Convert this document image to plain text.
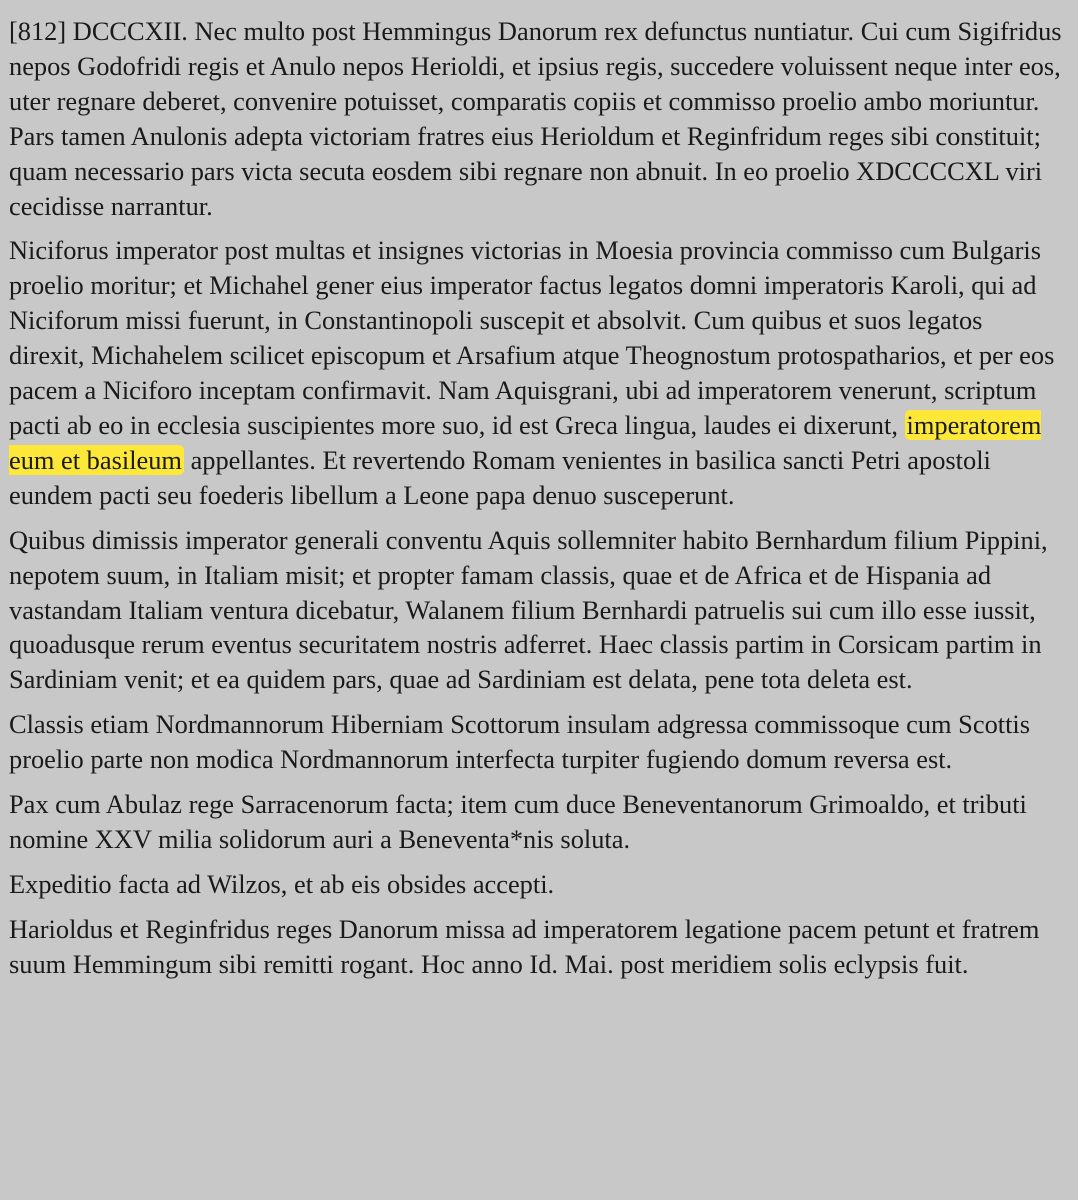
[812] DCCCXII. Nec multo post Hemmingus Danorum rex defunctus nuntiatur. Cui cum Sigifridus nepos Godofridi regis et Anulo nepos Herioldi, et ipsius regis, succedere voluissent neque inter eos, uter regnare deberet, convenire potuisset, comparatis copiis et commisso proelio ambo moriuntur. Pars tamen Anulonis adepta victoriam fratres eius Herioldum et Reginfridum reges sibi constituit; quam necessario pars victa secuta eosdem sibi regnare non abnuit. In eo proelio XDCCCCXL viri cecidisse narrantur.

Niciforus imperator post multas et insignes victorias in Moesia provincia commisso cum Bulgaris proelio moritur; et Michahel gener eius imperator factus legatos domni imperatoris Karoli, qui ad Niciforum missi fuerunt, in Constantinopoli suscepit et absolvit. Cum quibus et suos legatos direxit, Michahelem scilicet episcopum et Arsafium atque Theognostum protospatharios, et per eos pacem a Niciforo inceptam confirmavit. Nam Aquisgrani, ubi ad imperatorem venerunt, scriptum pacti ab eo in ecclesia suscipientes more suo, id est Greca lingua, laudes ei dixerunt, imperatorem eum et basileum appellantes. Et revertendo Romam venientes in basilica sancti Petri apostoli eundem pacti seu foederis libellum a Leone papa denuo susceperunt.

Quibus dimissis imperator generali conventu Aquis sollemniter habito Bernhardum filium Pippini, nepotem suum, in Italiam misit; et propter famam classis, quae et de Africa et de Hispania ad vastandam Italiam ventura dicebatur, Walanem filium Bernhardi patruelis sui cum illo esse iussit, quoadusque rerum eventus securitatem nostris adferret. Haec classis partim in Corsicam partim in Sardiniam venit; et ea quidem pars, quae ad Sardiniam est delata, pene tota deleta est.

Classis etiam Nordmannorum Hiberniam Scottorum insulam adgressa commissoque cum Scottis proelio parte non modica Nordmannorum interfecta turpiter fugiendo domum reversa est.

Pax cum Abulaz rege Sarracenorum facta; item cum duce Beneventanorum Grimoaldo, et tributi nomine XXV milia solidorum auri a Beneventa*nis soluta.

Expeditio facta ad Wilzos, et ab eis obsides accepti.

Harioldus et Reginfridus reges Danorum missa ad imperatorem legatione pacem petunt et fratrem suum Hemmingum sibi remitti rogant. Hoc anno Id. Mai. post meridiem solis eclypsis fuit.
